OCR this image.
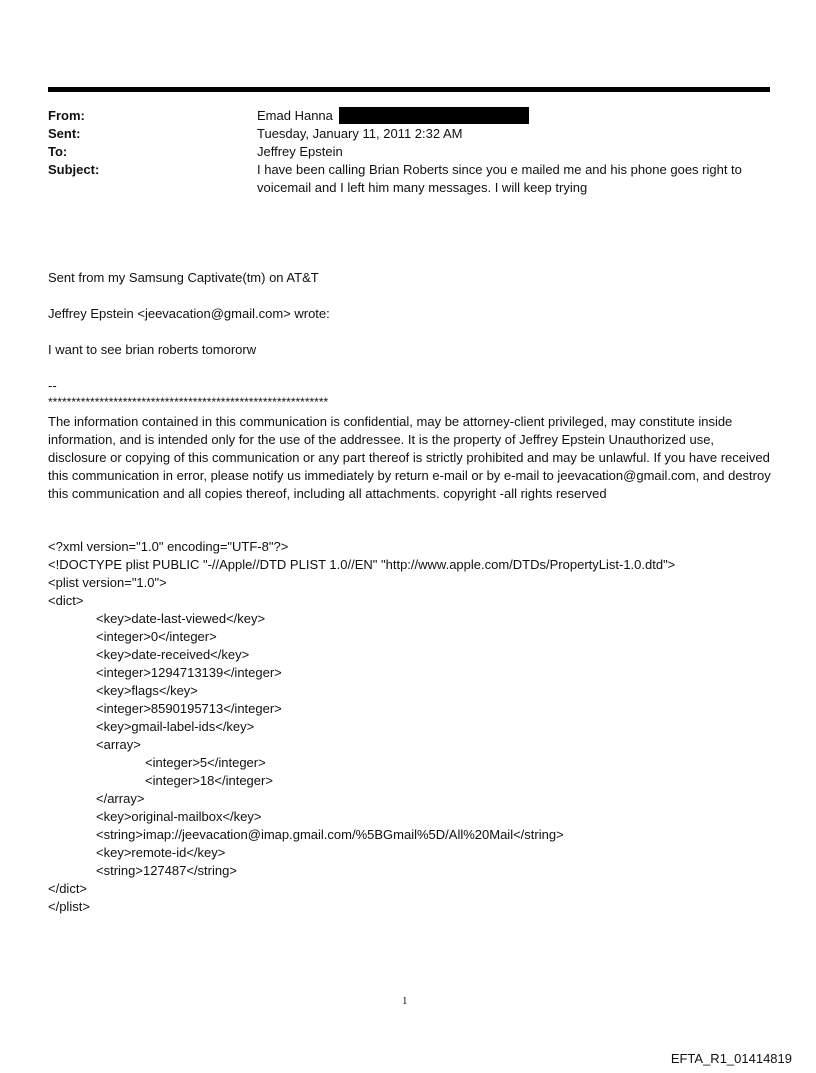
From:	Emad Hanna
Sent:	Tuesday, January 11, 2011 2:32 AM
To:	Jeffrey Epstein
Subject:	I have been calling Brian Roberts since you e mailed me and his phone goes right to voicemail and I left him many messages. I will keep trying
Sent from my Samsung Captivate(tm) on AT&T
Jeffrey Epstein <jeevacation@gmail.com> wrote:
I want to see brian roberts tomororw
--
************************************************************
The information contained in this communication is confidential, may be attorney-client privileged, may constitute inside information, and is intended only for the use of the addressee. It is the property of Jeffrey Epstein Unauthorized use, disclosure or copying of this communication or any part thereof is strictly prohibited and may be unlawful. If you have received this communication in error, please notify us immediately by return e-mail or by e-mail to jeevacation@gmail.com, and destroy this communication and all copies thereof, including all attachments. copyright -all rights reserved
<?xml version="1.0" encoding="UTF-8"?>
<!DOCTYPE plist PUBLIC "-//Apple//DTD PLIST 1.0//EN" "http://www.apple.com/DTDs/PropertyList-1.0.dtd">
<plist version="1.0">
<dict>
<key>date-last-viewed</key>
<integer>0</integer>
<key>date-received</key>
<integer>1294713139</integer>
<key>flags</key>
<integer>8590195713</integer>
<key>gmail-label-ids</key>
<array>
<integer>5</integer>
<integer>18</integer>
</array>
<key>original-mailbox</key>
<string>imap://jeevacation@imap.gmail.com/%5BGmail%5D/All%20Mail</string>
<key>remote-id</key>
<string>127487</string>
</dict>
</plist>
1
EFTA_R1_01414819
